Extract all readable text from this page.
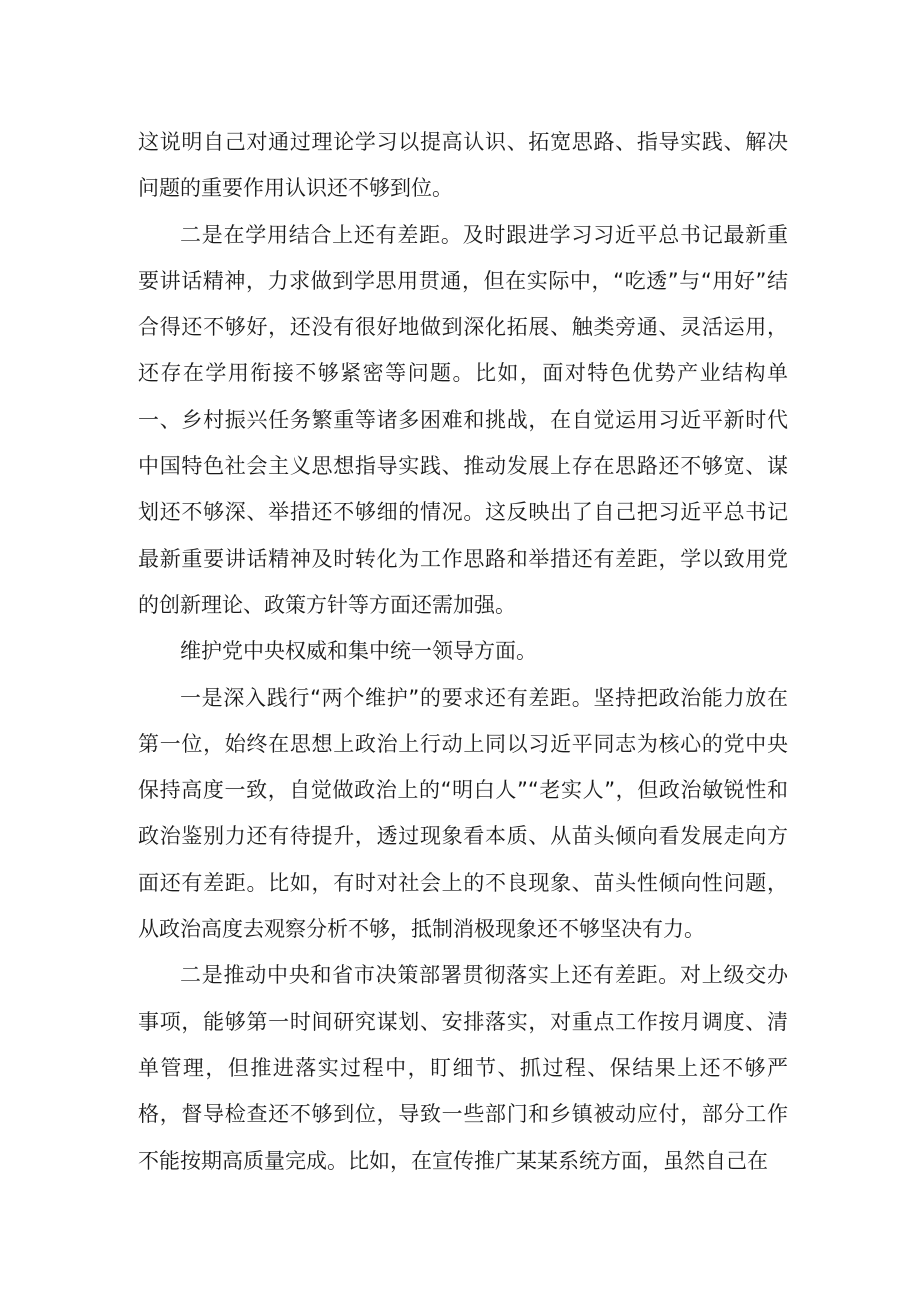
这说明自己对通过理论学习以提高认识、拓宽思路、指导实践、解决问题的重要作用认识还不够到位。

二是在学用结合上还有差距。及时跟进学习习近平总书记最新重要讲话精神，力求做到学思用贯通，但在实际中，“吃透”与“用好”结合得还不够好，还没有很好地做到深化拓展、触类旁通、灵活运用，还存在学用衔接不够紧密等问题。比如，面对特色优势产业结构单一、乡村振兴任务繁重等诸多困难和挑战，在自觉运用习近平新时代中国特色社会主义思想指导实践、推动发展上存在思路还不够宽、谋划还不够深、举措还不够细的情况。这反映出了自己把习近平总书记最新重要讲话精神及时转化为工作思路和举措还有差距，学以致用党的创新理论、政策方针等方面还需加强。

维护党中央权威和集中统一领导方面。

一是深入践行“两个维护”的要求还有差距。坚持把政治能力放在第一位，始终在思想上政治上行动上同以习近平同志为核心的党中央保持高度一致，自觉做政治上的“明白人”“老实人”，但政治敏锐性和政治鉴别力还有待提升，透过现象看本质、从苗头倾向看发展走向方面还有差距。比如，有时对社会上的不良现象、苗头性倾向性问题，从政治高度去观察分析不够，抵制消极现象还不够坚决有力。

二是推动中央和省市决策部署贯彻落实上还有差距。对上级交办事项，能够第一时间研究谋划、安排落实，对重点工作按月调度、清单管理，但推进落实过程中，盯细节、抓过程、保结果上还不够严格，督导检查还不够到位，导致一些部门和乡镇被动应付，部分工作不能按期高质量完成。比如，在宣传推广某某系统方面，虽然自己在
